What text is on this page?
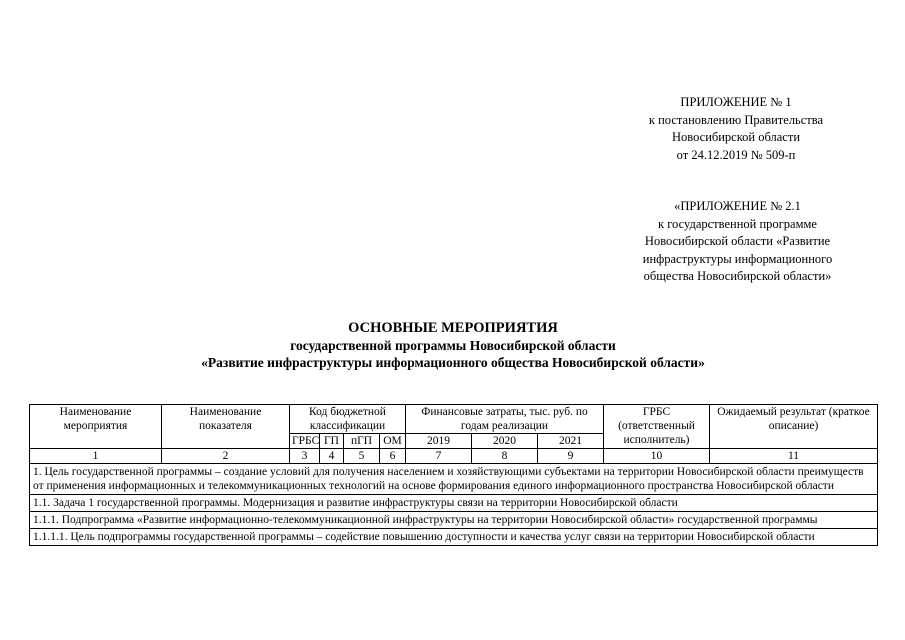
ПРИЛОЖЕНИЕ № 1
к постановлению Правительства
Новосибирской области
от 24.12.2019 № 509-п
«ПРИЛОЖЕНИЕ № 2.1
к государственной программе
Новосибирской области «Развитие
инфраструктуры информационного
общества Новосибирской области»
ОСНОВНЫЕ МЕРОПРИЯТИЯ
государственной программы Новосибирской области
«Развитие инфраструктуры информационного общества Новосибирской области»
Наименование мероприятия	Наименование показателя	Код бюджетной классификации				Финансовые затраты, тыс. руб. по годам реализации			ГРБС (ответственный исполнитель)	Ожидаемый результат (краткое описание)
		ГРБС	ГП	пГП	ОМ	2019	2020	2021		
1	2	3	4	5	6	7	8	9	10	11
1. Цель государственной программы – создание условий для получения населением и хозяйствующими субъектами на территории Новосибирской области преимуществ от применения информационных и телекоммуникационных технологий на основе формирования единого информационного пространства Новосибирской области										
1.1. Задача 1 государственной программы. Модернизация и развитие инфраструктуры связи на территории Новосибирской области										
1.1.1. Подпрограмма «Развитие информационно-телекоммуникационной инфраструктуры на территории Новосибирской области» государственной программы										
1.1.1.1. Цель подпрограммы государственной программы – содействие повышению доступности и качества услуг связи на территории Новосибирской области										
